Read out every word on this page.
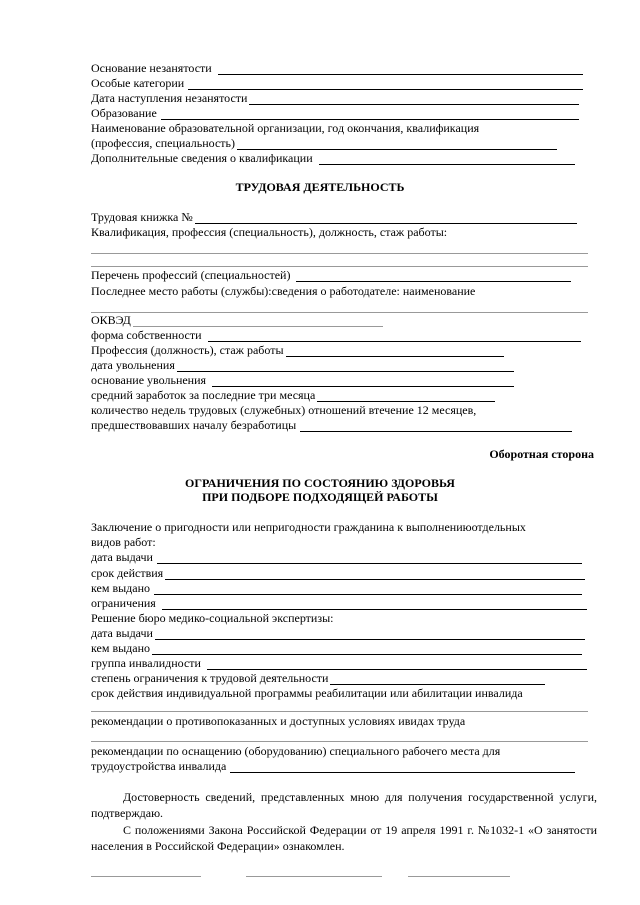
Основание незанятости
Особые категории
Дата наступления незанятости
Образование
Наименование образовательной организации, год окончания, квалификация
(профессия, специальность)
Дополнительные сведения о квалификации
ТРУДОВАЯ ДЕЯТЕЛЬНОСТЬ
Трудовая книжка №
Квалификация, профессия (специальность), должность, стаж работы:
Перечень профессий (специальностей)
Последнее место работы (службы):сведения о работодателе: наименование
ОКВЭД
форма собственности
Профессия (должность), стаж работы
дата увольнения
основание увольнения
средний заработок за последние три месяца
количество недель трудовых (служебных) отношений втечение 12 месяцев,
предшествовавших началу безработицы
Оборотная сторона
ОГРАНИЧЕНИЯ ПО СОСТОЯНИЮ ЗДОРОВЬЯ
ПРИ ПОДБОРЕ ПОДХОДЯЩЕЙ РАБОТЫ
Заключение о пригодности или непригодности гражданина к выполнениюотдельных
видов работ:
дата выдачи
срок действия
кем выдано
ограничения
Решение бюро медико-социальной экспертизы:
дата выдачи
кем выдано
группа инвалидности
степень ограничения к трудовой деятельности
срок действия индивидуальной программы реабилитации или абилитации инвалида
рекомендации о противопоказанных и доступных условиях ивидах труда
рекомендации по оснащению (оборудованию) специального рабочего места для
трудоустройства инвалида
Достоверность сведений, представленных мною для получения государственной услуги, подтверждаю.
С положениями Закона Российской Федерации от 19 апреля 1991 г. №1032-1 «О занятости населения в Российской Федерации» ознакомлен.
